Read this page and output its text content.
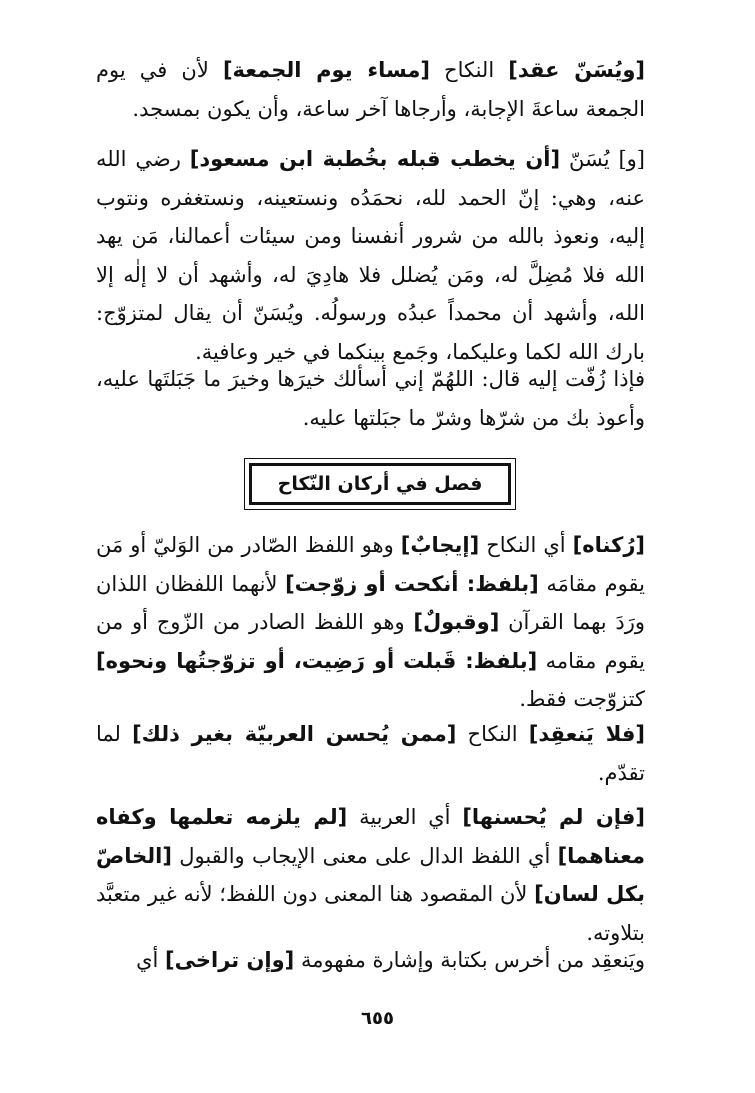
[ويُسَنّ عقد] النكاح [مساء يوم الجمعة] لأن في يوم الجمعة ساعةَ الإجابة، وأرجاها آخر ساعة، وأن يكون بمسجد.

[و] يُسَنّ [أن يخطب قبله بخُطبة ابن مسعود] رضي الله عنه، وهي: إنّ الحمد لله، نحمَدُه ونستعينه، ونستغفره ونتوب إليه، ونعوذ بالله من شرور أنفسنا ومن سيئات أعمالنا، مَن يهد الله فلا مُضِلَّ له، ومَن يُضلل فلا هادِيَ له، وأشهد أن لا إلٰه إلا الله، وأشهد أن محمداً عبدُه ورسولُه. ويُسَنّ أن يقال لمتزوّج: بارك الله لكما وعليكما، وجَمع بينكما في خير وعافية.

فإذا زُفّت إليه قال: اللهُمّ إني أسألك خيرَها وخيرَ ما جَبَلتَها عليه، وأعوذ بك من شرّها وشرّ ما جبَلتها عليه.

فصل في أركان النّكاح

[رُكناه] أي النكاح [إيجابٌ] وهو اللفظ الصّادر من الوَليّ أو مَن يقوم مقامَه [بلفظ: أنكحت أو زوّجت] لأنهما اللفظان اللذان ورَدَ بهما القرآن [وقبولٌ] وهو اللفظ الصادر من الزّوج أو من يقوم مقامه [بلفظ: قَبلت أو رَضِيت، أو تزوّجتُها ونحوه] كتزوّجت فقط.

[فلا يَنعقِد] النكاح [ممن يُحسن العربيّة بغير ذلك] لما تقدّم.

[فإن لم يُحسنها] أي العربية [لم يلزمه تعلمها وكفاه معناهما] أي اللفظ الدال على معنى الإيجاب والقبول [الخاصّ بكل لسان] لأن المقصود هنا المعنى دون اللفظ؛ لأنه غير متعبَّد بتلاوته.

ويَنعقِد من أخرس بكتابة وإشارة مفهومة [وإن تراخى] أي

٦٥٥
